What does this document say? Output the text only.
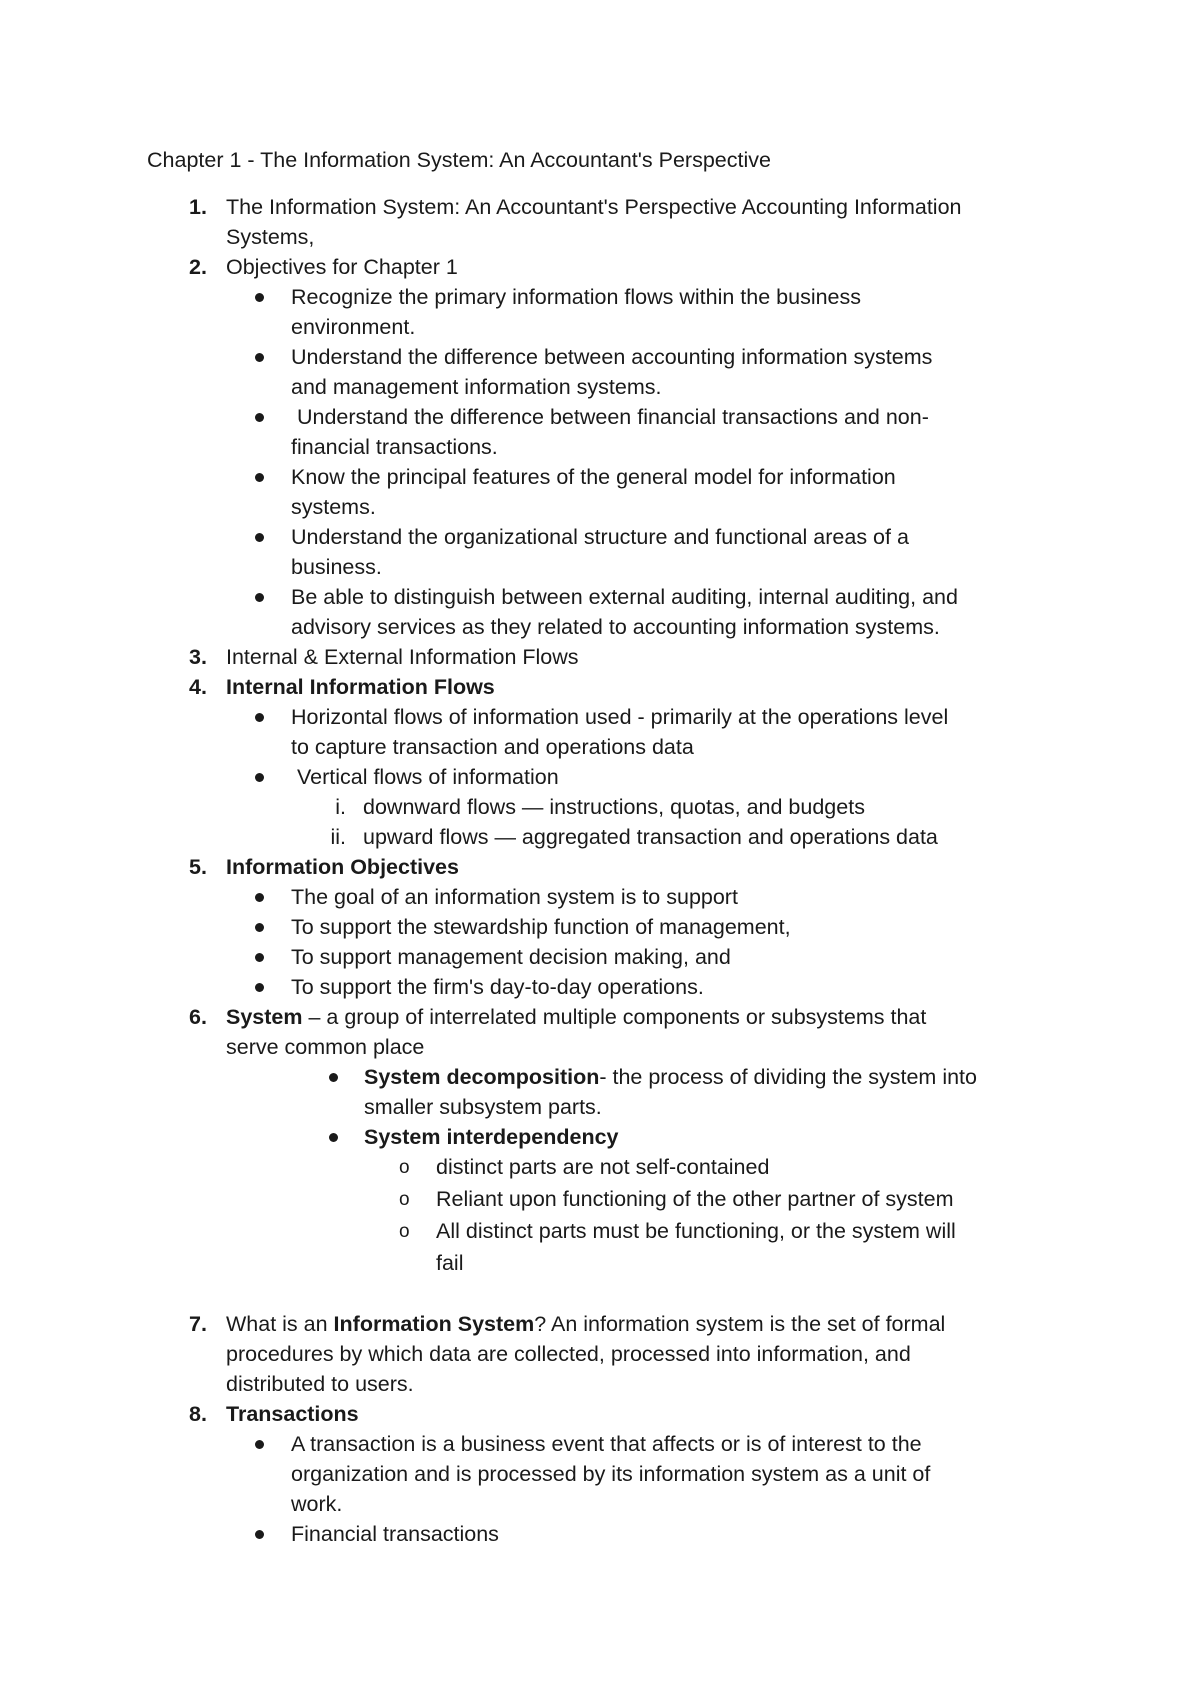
Chapter 1 - The Information System: An Accountant's Perspective
1. The Information System: An Accountant's Perspective Accounting Information
Systems,
2. Objectives for Chapter 1
Recognize the primary information flows within the business
environment.
Understand the difference between accounting information systems
and management information systems.
Understand the difference between financial transactions and non-
financial transactions.
Know the principal features of the general model for information
systems.
Understand the organizational structure and functional areas of a
business.
Be able to distinguish between external auditing, internal auditing, and
advisory services as they related to accounting information systems.
3. Internal & External Information Flows
4. Internal Information Flows
Horizontal flows of information used - primarily at the operations level
to capture transaction and operations data
Vertical flows of information
i. downward flows — instructions, quotas, and budgets
ii. upward flows — aggregated transaction and operations data
5. Information Objectives
The goal of an information system is to support
To support the stewardship function of management,
To support management decision making, and
To support the firm's day-to-day operations.
6. System – a group of interrelated multiple components or subsystems that
serve common place
System decomposition- the process of dividing the system into
smaller subsystem parts.
System interdependency
o distinct parts are not self-contained
o Reliant upon functioning of the other partner of system
o All distinct parts must be functioning, or the system will
fail
7. What is an Information System? An information system is the set of formal
procedures by which data are collected, processed into information, and
distributed to users.
8. Transactions
A transaction is a business event that affects or is of interest to the
organization and is processed by its information system as a unit of
work.
Financial transactions
